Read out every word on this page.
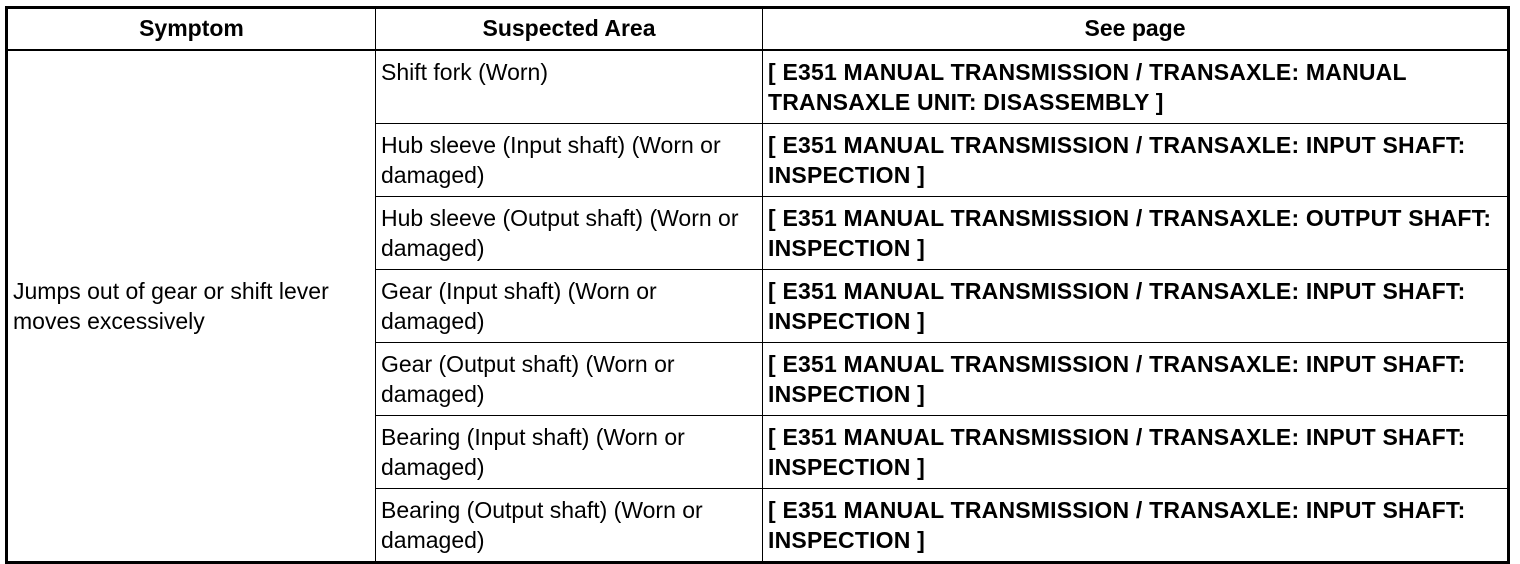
Symptom	Suspected Area	See page
Jumps out of gear or shift lever moves excessively	Shift fork (Worn)	[ E351 MANUAL TRANSMISSION / TRANSAXLE: MANUAL TRANSAXLE UNIT: DISASSEMBLY ]
	Hub sleeve (Input shaft) (Worn or damaged)	[ E351 MANUAL TRANSMISSION / TRANSAXLE: INPUT SHAFT: INSPECTION ]
	Hub sleeve (Output shaft) (Worn or damaged)	[ E351 MANUAL TRANSMISSION / TRANSAXLE: OUTPUT SHAFT: INSPECTION ]
	Gear (Input shaft) (Worn or damaged)	[ E351 MANUAL TRANSMISSION / TRANSAXLE: INPUT SHAFT: INSPECTION ]
	Gear (Output shaft) (Worn or damaged)	[ E351 MANUAL TRANSMISSION / TRANSAXLE: INPUT SHAFT: INSPECTION ]
	Bearing (Input shaft) (Worn or damaged)	[ E351 MANUAL TRANSMISSION / TRANSAXLE: INPUT SHAFT: INSPECTION ]
	Bearing (Output shaft) (Worn or damaged)	[ E351 MANUAL TRANSMISSION / TRANSAXLE: INPUT SHAFT: INSPECTION ]
